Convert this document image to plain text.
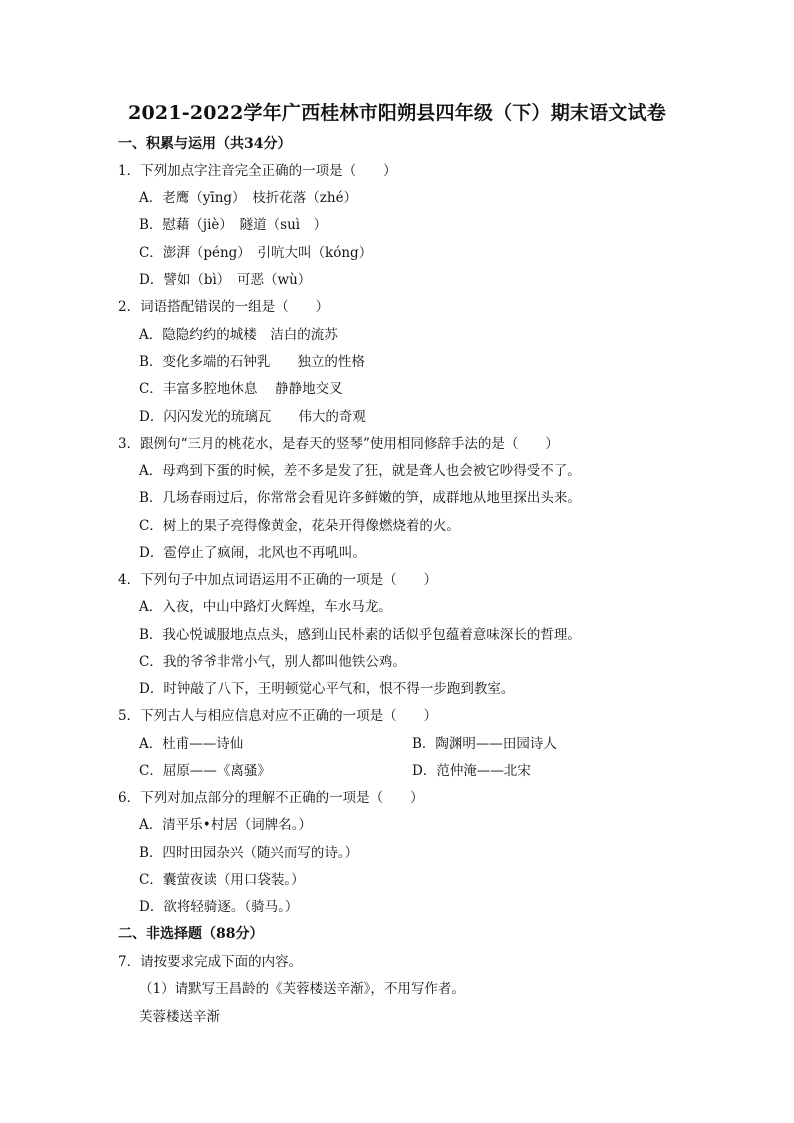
2021-2022学年广西桂林市阳朔县四年级（下）期末语文试卷
一、积累与运用（共34分）
1．下列加点字注音完全正确的一项是（　　）
A．老鹰（yīng）　枝折花落（zhé）
B．慰藉（jiè）　隧道（suì　）
C．澎湃（péng）　引吭大叫（kóng）
D．譬如（bì）　可恶（wù）
2．词语搭配错误的一组是（　　）
A．隐隐约约的城楼　洁白的流苏
B．变化多端的石钟乳　　独立的性格
C．丰富多腔地休息　 静静地交叉
D．闪闪发光的琉璃瓦　　伟大的奇观
3．跟例句“三月的桃花水，是春天的竖琴”使用相同修辞手法的是（　　）
A．母鸡到下蛋的时候，差不多是发了狂，就是聋人也会被它吵得受不了。
B．几场春雨过后，你常常会看见许多鲜嫩的笋，成群地从地里探出头来。
C．树上的果子亮得像黄金，花朵开得像燃烧着的火。
D．雹停止了疯闹，北风也不再吼叫。
4．下列句子中加点词语运用不正确的一项是（　　）
A．入夜，中山中路灯火辉煌，车水马龙。
B．我心悦诚服地点点头，感到山民朴素的话似乎包蕴着意味深长的哲理。
C．我的爷爷非常小气，别人都叫他铁公鸡。
D．时钟敲了八下，王明顿觉心平气和，恨不得一步跑到教室。
5．下列古人与相应信息对应不正确的一项是（　　）
A．杜甫——诗仙	B．陶渊明——田园诗人
C．屈原——《离骚》	D．范仲淹——北宋
6．下列对加点部分的理解不正确的一项是（　　）
A．清平乐•村居（词牌名。）
B．四时田园杂兴（随兴而写的诗。）
C．囊萤夜读（用口袋装。）
D．欲将轻骑逐。（骑马。）
二、非选择题（88分）
7．请按要求完成下面的内容。
（1）请默写王昌龄的《芙蓉楼送辛渐》，不用写作者。
芙蓉楼送辛渐
